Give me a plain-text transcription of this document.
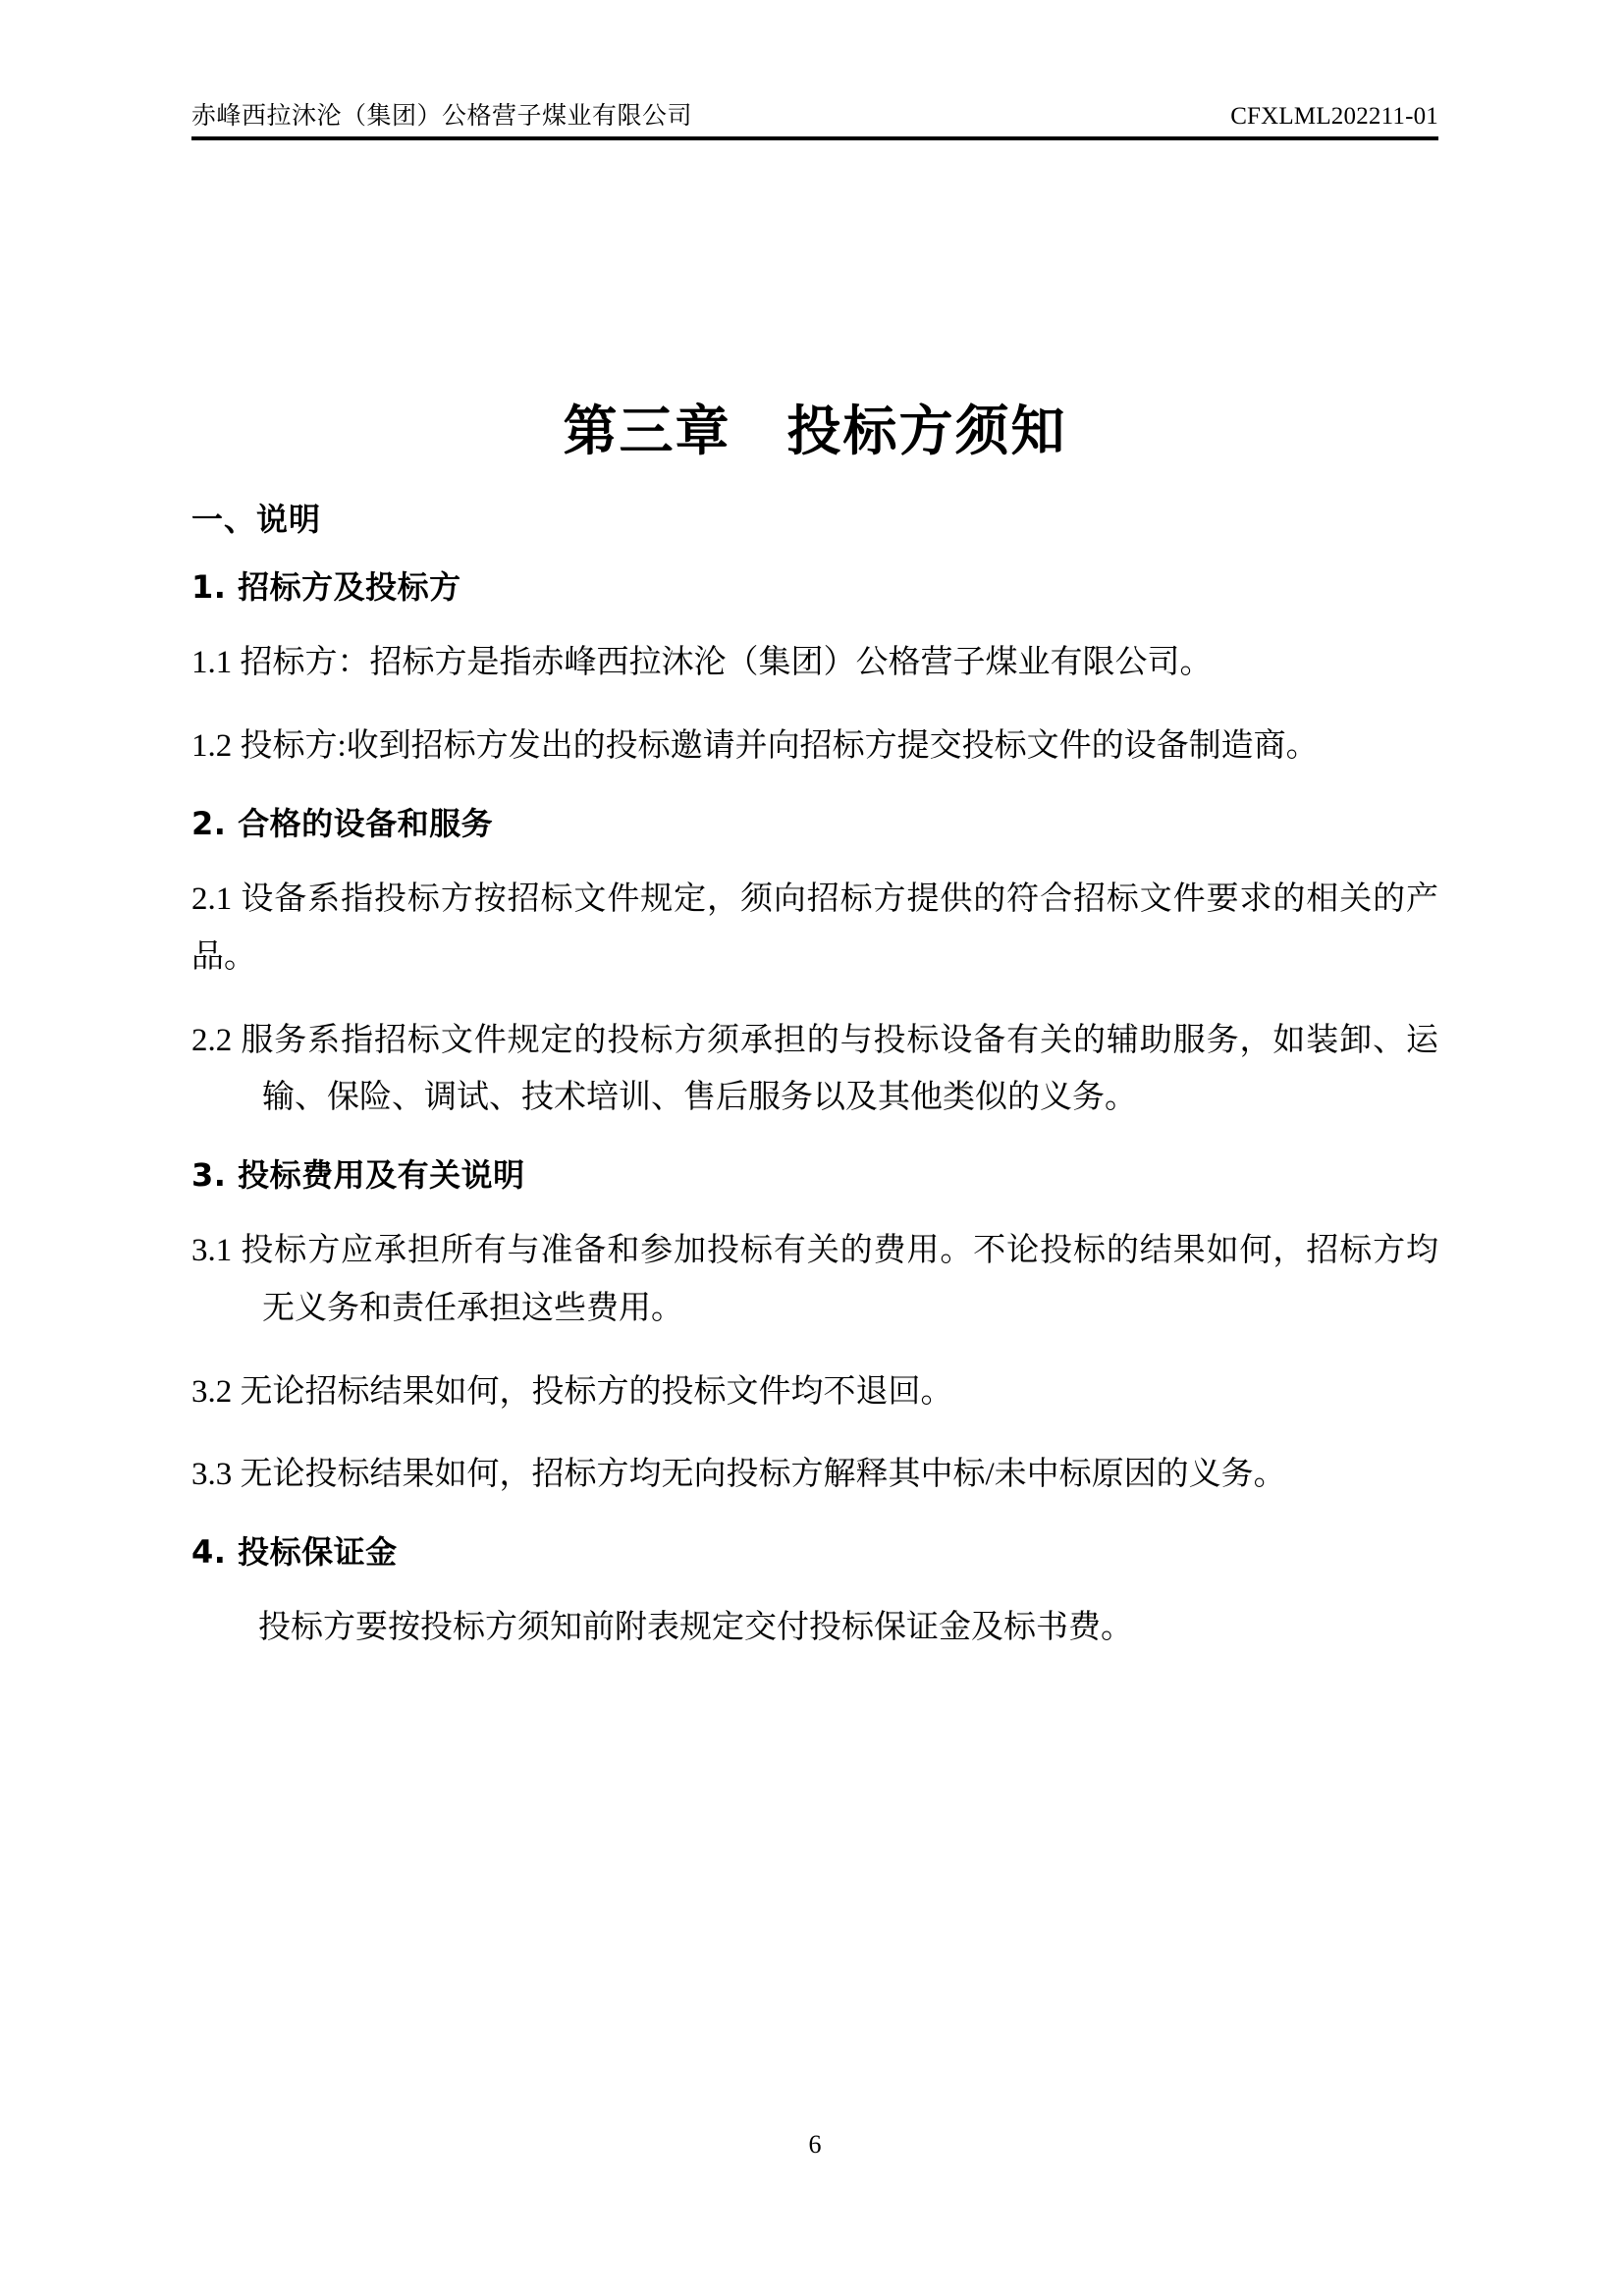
赤峰西拉沐沦（集团）公格营子煤业有限公司	CFXLML202211-01
第三章　投标方须知

一、说明

1. 招标方及投标方

1.1 招标方：招标方是指赤峰西拉沐沦（集团）公格营子煤业有限公司。

1.2 投标方:收到招标方发出的投标邀请并向招标方提交投标文件的设备制造商。

2. 合格的设备和服务

2.1 设备系指投标方按招标文件规定，须向招标方提供的符合招标文件要求的相关的产品。

2.2 服务系指招标文件规定的投标方须承担的与投标设备有关的辅助服务，如装卸、运输、保险、调试、技术培训、售后服务以及其他类似的义务。

3. 投标费用及有关说明

3.1 投标方应承担所有与准备和参加投标有关的费用。不论投标的结果如何，招标方均无义务和责任承担这些费用。

3.2 无论招标结果如何，投标方的投标文件均不退回。

3.3 无论投标结果如何，招标方均无向投标方解释其中标/未中标原因的义务。

4. 投标保证金

投标方要按投标方须知前附表规定交付投标保证金及标书费。

6
